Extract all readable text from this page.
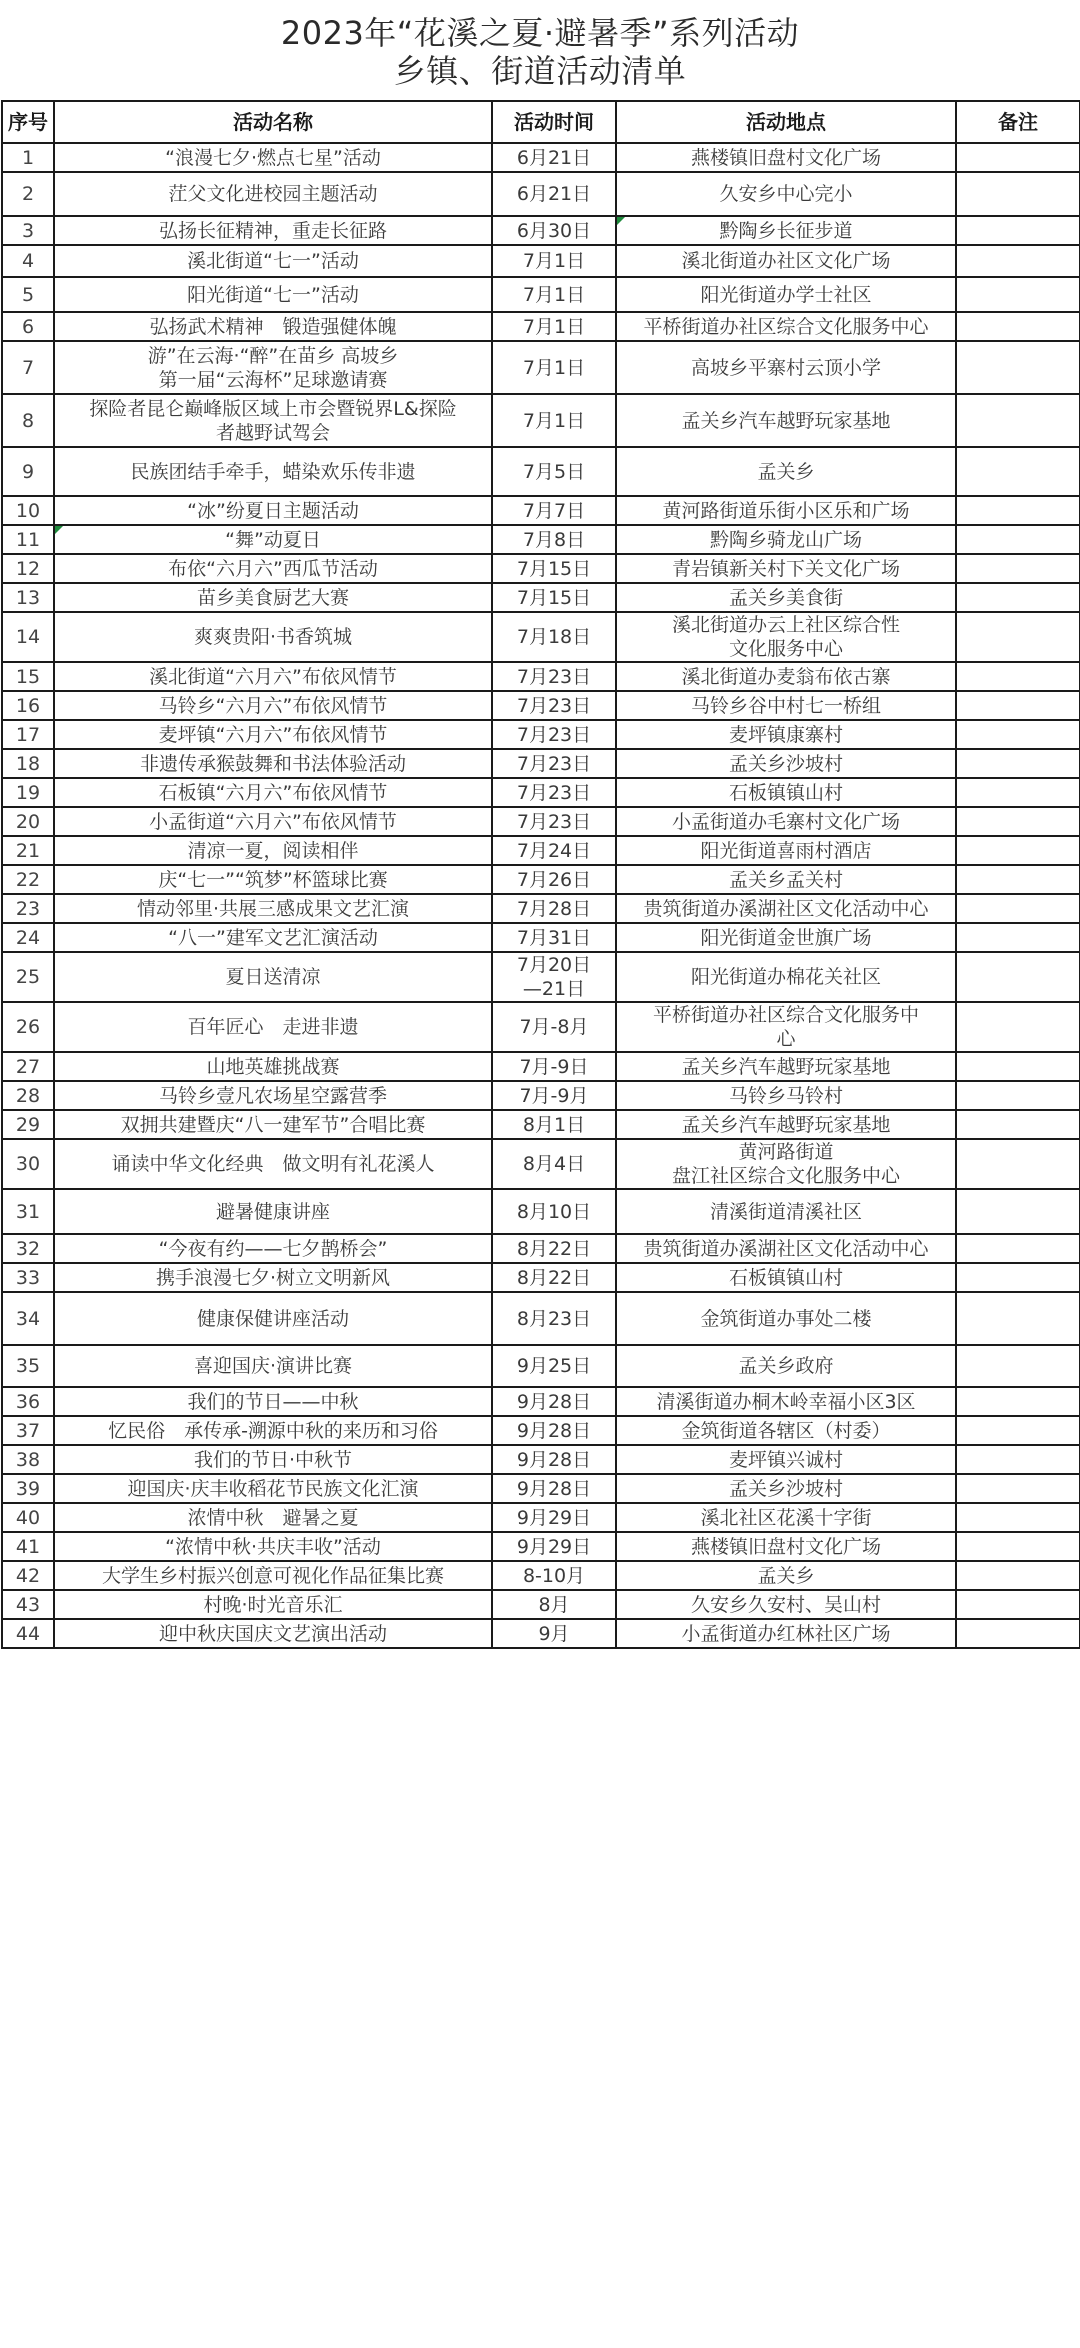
2023年“花溪之夏·避暑季”系列活动
乡镇、街道活动清单
序号	活动名称	活动时间	活动地点	备注

1	“浪漫七夕·燃点七星”活动	6月21日	燕楼镇旧盘村文化广场	

2	茳父文化进校园主题活动	6月21日	久安乡中心完小	

3	弘扬长征精神，重走长征路	6月30日	黔陶乡长征步道	

4	溪北街道“七一”活动	7月1日	溪北街道办社区文化广场	

5	阳光街道“七一”活动	7月1日	阳光街道办学士社区	

6	弘扬武术精神　锻造强健体魄	7月1日	平桥街道办社区综合文化服务中心	

7	游”在云海·“醉”在苗乡 高坡乡
第一届“云海杯”足球邀请赛	7月1日	高坡乡平寨村云顶小学	

8	探险者昆仑巅峰版区域上市会暨锐界L&探险
者越野试驾会	7月1日	孟关乡汽车越野玩家基地	

9	民族团结手牵手，蜡染欢乐传非遗	7月5日	孟关乡	

10	“冰”纷夏日主题活动	7月7日	黄河路街道乐街小区乐和广场	

11	“舞”动夏日	7月8日	黔陶乡骑龙山广场	

12	布依“六月六”西瓜节活动	7月15日	青岩镇新关村下关文化广场	

13	苗乡美食厨艺大赛	7月15日	孟关乡美食街	

14	爽爽贵阳·书香筑城	7月18日	溪北街道办云上社区综合性
文化服务中心	

15	溪北街道“六月六”布依风情节	7月23日	溪北街道办麦翁布依古寨	

16	马铃乡“六月六”布依风情节	7月23日	马铃乡谷中村七一桥组	

17	麦坪镇“六月六”布依风情节	7月23日	麦坪镇康寨村	

18	非遗传承猴鼓舞和书法体验活动	7月23日	孟关乡沙坡村	

19	石板镇“六月六”布依风情节	7月23日	石板镇镇山村	

20	小孟街道“六月六”布依风情节	7月23日	小孟街道办毛寨村文化广场	

21	清凉一夏，阅读相伴	7月24日	阳光街道喜雨村酒店	

22	庆“七一”“筑梦”杯篮球比赛	7月26日	孟关乡孟关村	

23	情动邻里·共展三感成果文艺汇演	7月28日	贵筑街道办溪湖社区文化活动中心	

24	“八一”建军文艺汇演活动	7月31日	阳光街道金世旗广场	

25	夏日送清凉	7月20日
—21日	阳光街道办棉花关社区	

26	百年匠心　走进非遗	7月-8月	平桥街道办社区综合文化服务中
心	

27	山地英雄挑战赛	7月-9日	孟关乡汽车越野玩家基地	

28	马铃乡壹凡农场星空露营季	7月-9月	马铃乡马铃村	

29	双拥共建暨庆“八一建军节”合唱比赛	8月1日	孟关乡汽车越野玩家基地	

30	诵读中华文化经典　做文明有礼花溪人	8月4日	黄河路街道
盘江社区综合文化服务中心	

31	避暑健康讲座	8月10日	清溪街道清溪社区	

32	“今夜有约——七夕鹊桥会”	8月22日	贵筑街道办溪湖社区文化活动中心	

33	携手浪漫七夕·树立文明新风	8月22日	石板镇镇山村	

34	健康保健讲座活动	8月23日	金筑街道办事处二楼	

35	喜迎国庆·演讲比赛	9月25日	孟关乡政府	

36	我们的节日——中秋	9月28日	清溪街道办桐木岭幸福小区3区	

37	忆民俗　承传承-溯源中秋的来历和习俗	9月28日	金筑街道各辖区（村委）	

38	我们的节日·中秋节	9月28日	麦坪镇兴诚村	

39	迎国庆·庆丰收稻花节民族文化汇演	9月28日	孟关乡沙坡村	

40	浓情中秋　避暑之夏	9月29日	溪北社区花溪十字街	

41	“浓情中秋·共庆丰收”活动	9月29日	燕楼镇旧盘村文化广场	

42	大学生乡村振兴创意可视化作品征集比赛	8-10月	孟关乡	

43	村晚·时光音乐汇	8月	久安乡久安村、吴山村	

44	迎中秋庆国庆文艺演出活动	9月	小孟街道办红林社区广场	
